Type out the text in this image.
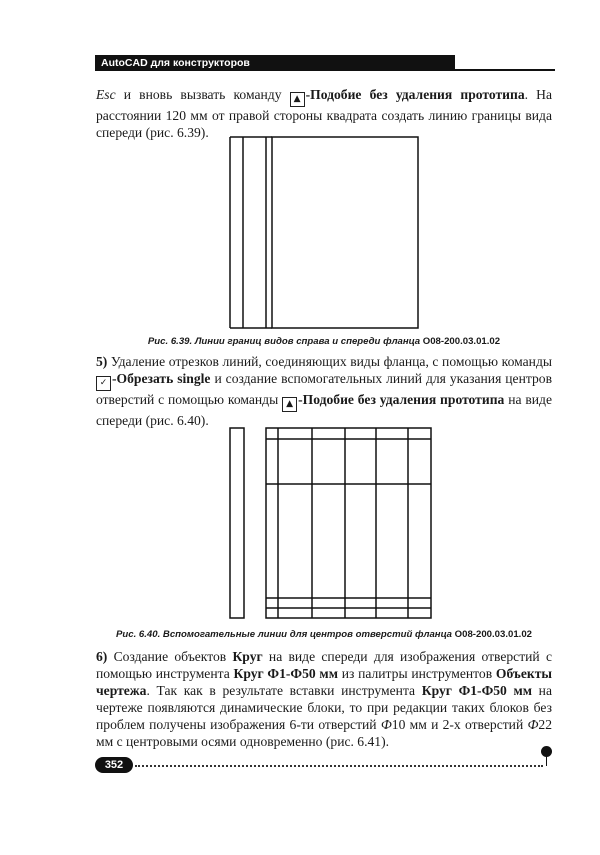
AutoCAD для конструкторов

Esc и вновь вызвать команду ▲ -Подобие без удаления прототипа. На расстоянии 120 мм от правой стороны квадрата создать линию границы вида спереди (рис. 6.39).

Рис. 6.39. Линии границ видов справа и спереди фланца О08-200.03.01.02

5) Удаление отрезков линий, соединяющих виды фланца, с помощью команды ✓ -Обрезать single и создание вспомогательных линий для указания центров отверстий с помощью команды ▲ -Подобие без удаления прототипа на виде спереди (рис. 6.40).

Рис. 6.40. Вспомогательные линии для центров отверстий фланца О08-200.03.01.02

6) Создание объектов Круг на виде спереди для изображения отверстий с помощью инструмента Круг Ф1-Ф50 мм из палитры инструментов Объекты чертежа. Так как в результате вставки инструмента Круг Ф1-Ф50 мм на чертеже появляются динамические блоки, то при редакции таких блоков без проблем получены изображения 6-ти отверстий Ф10 мм и 2-х отверстий Ф22 мм с центровыми осями одновременно (рис. 6.41).

352
